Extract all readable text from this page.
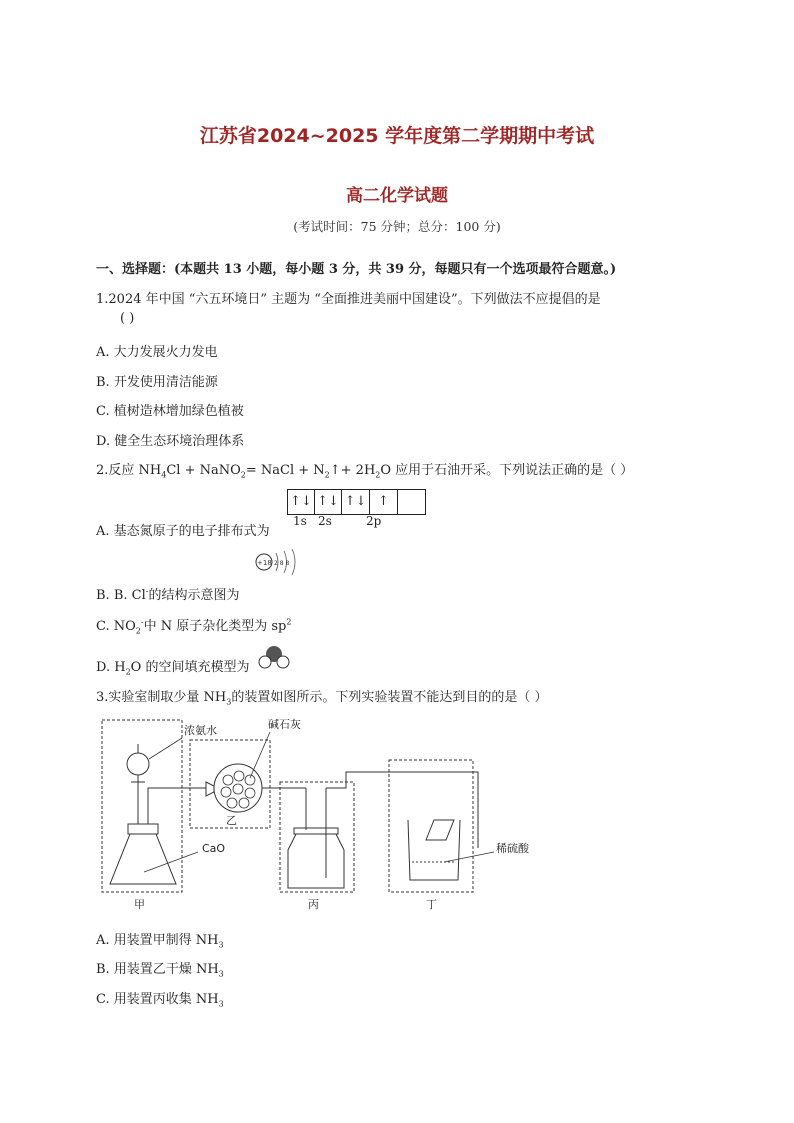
江苏省2024~2025 学年度第二学期期中考试
高二化学试题
(考试时间：75 分钟；总分：100 分)
一、选择题：(本题共 13 小题，每小题 3 分，共 39 分，每题只有一个选项最符合题意。)
1.2024 年中国 “六五环境日” 主题为 “全面推进美丽中国建设”。下列做法不应提倡的是
( )
A. 大力发展火力发电
B. 开发使用清洁能源
C. 植树造林增加绿色植被
D. 健全生态环境治理体系
2.反应 $NH_4Cl$ + NaNO$_2$= NaCl + $N_2↑+ 2H_2O$ 应用于石油开采。下列说法正确的是（ ）
A. 基态氮原子的电子排布式为
↑↓ ↑↓ ↑↓ ↑
1s 2s	2p
+18 2 8 8
B. B. Cl-的结构示意图为
C. $NO_2^-$中 N 原子杂化类型为 $sp^2$
D. $H_2O$ 的空间填充模型为
3.实验室制取少量 $NH_3$的装置如图所示。下列实验装置不能达到目的的是（ ）
浓氨水	碱石灰
CaO	稀硫酸
甲
乙
丙	丁
A. 用装置甲制得 $NH_3$
B. 用装置乙干燥 $NH_3$
C. 用装置丙收集 $NH_3$
